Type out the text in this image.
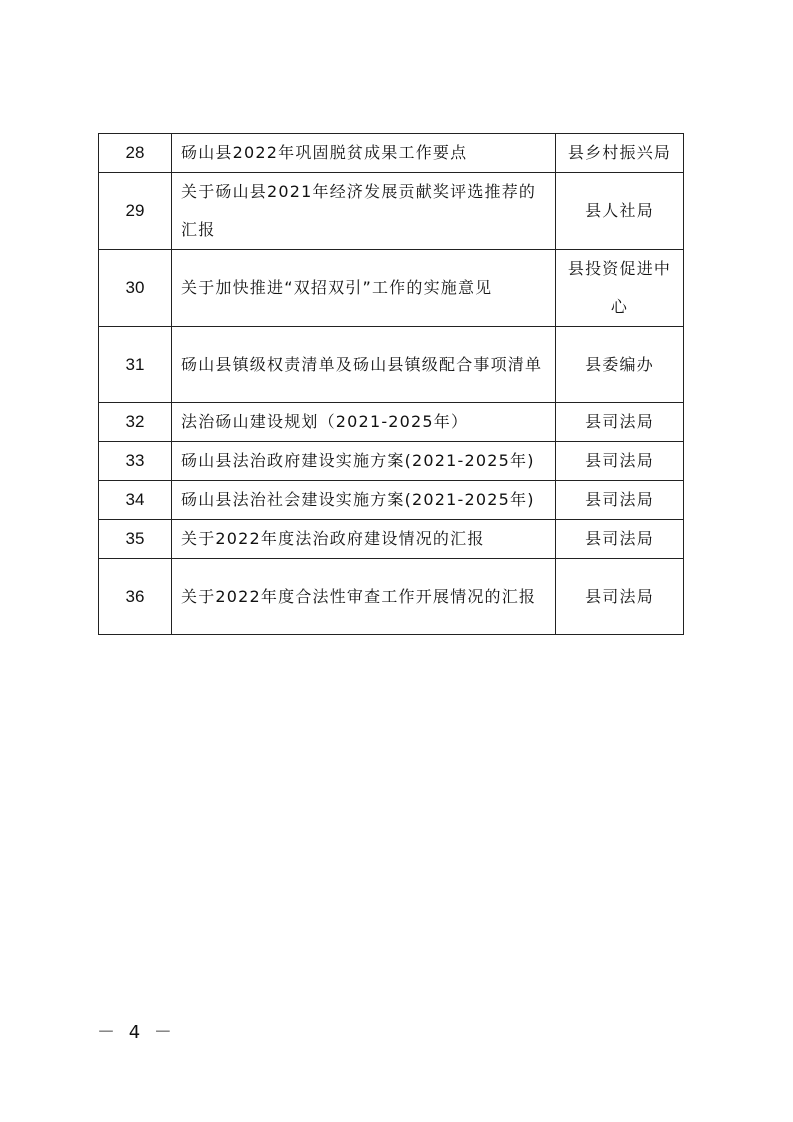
28	砀山县2022年巩固脱贫成果工作要点	县乡村振兴局
29	关于砀山县2021年经济发展贡献奖评选推荐的汇报	县人社局
30	关于加快推进“双招双引”工作的实施意见	县投资促进中心
31	砀山县镇级权责清单及砀山县镇级配合事项清单	县委编办
32	法治砀山建设规划（2021-2025年）	县司法局
33	砀山县法治政府建设实施方案(2021-2025年)	县司法局
34	砀山县法治社会建设实施方案(2021-2025年)	县司法局
35	关于2022年度法治政府建设情况的汇报	县司法局
36	关于2022年度合法性审查工作开展情况的汇报	县司法局
－ 4 －
